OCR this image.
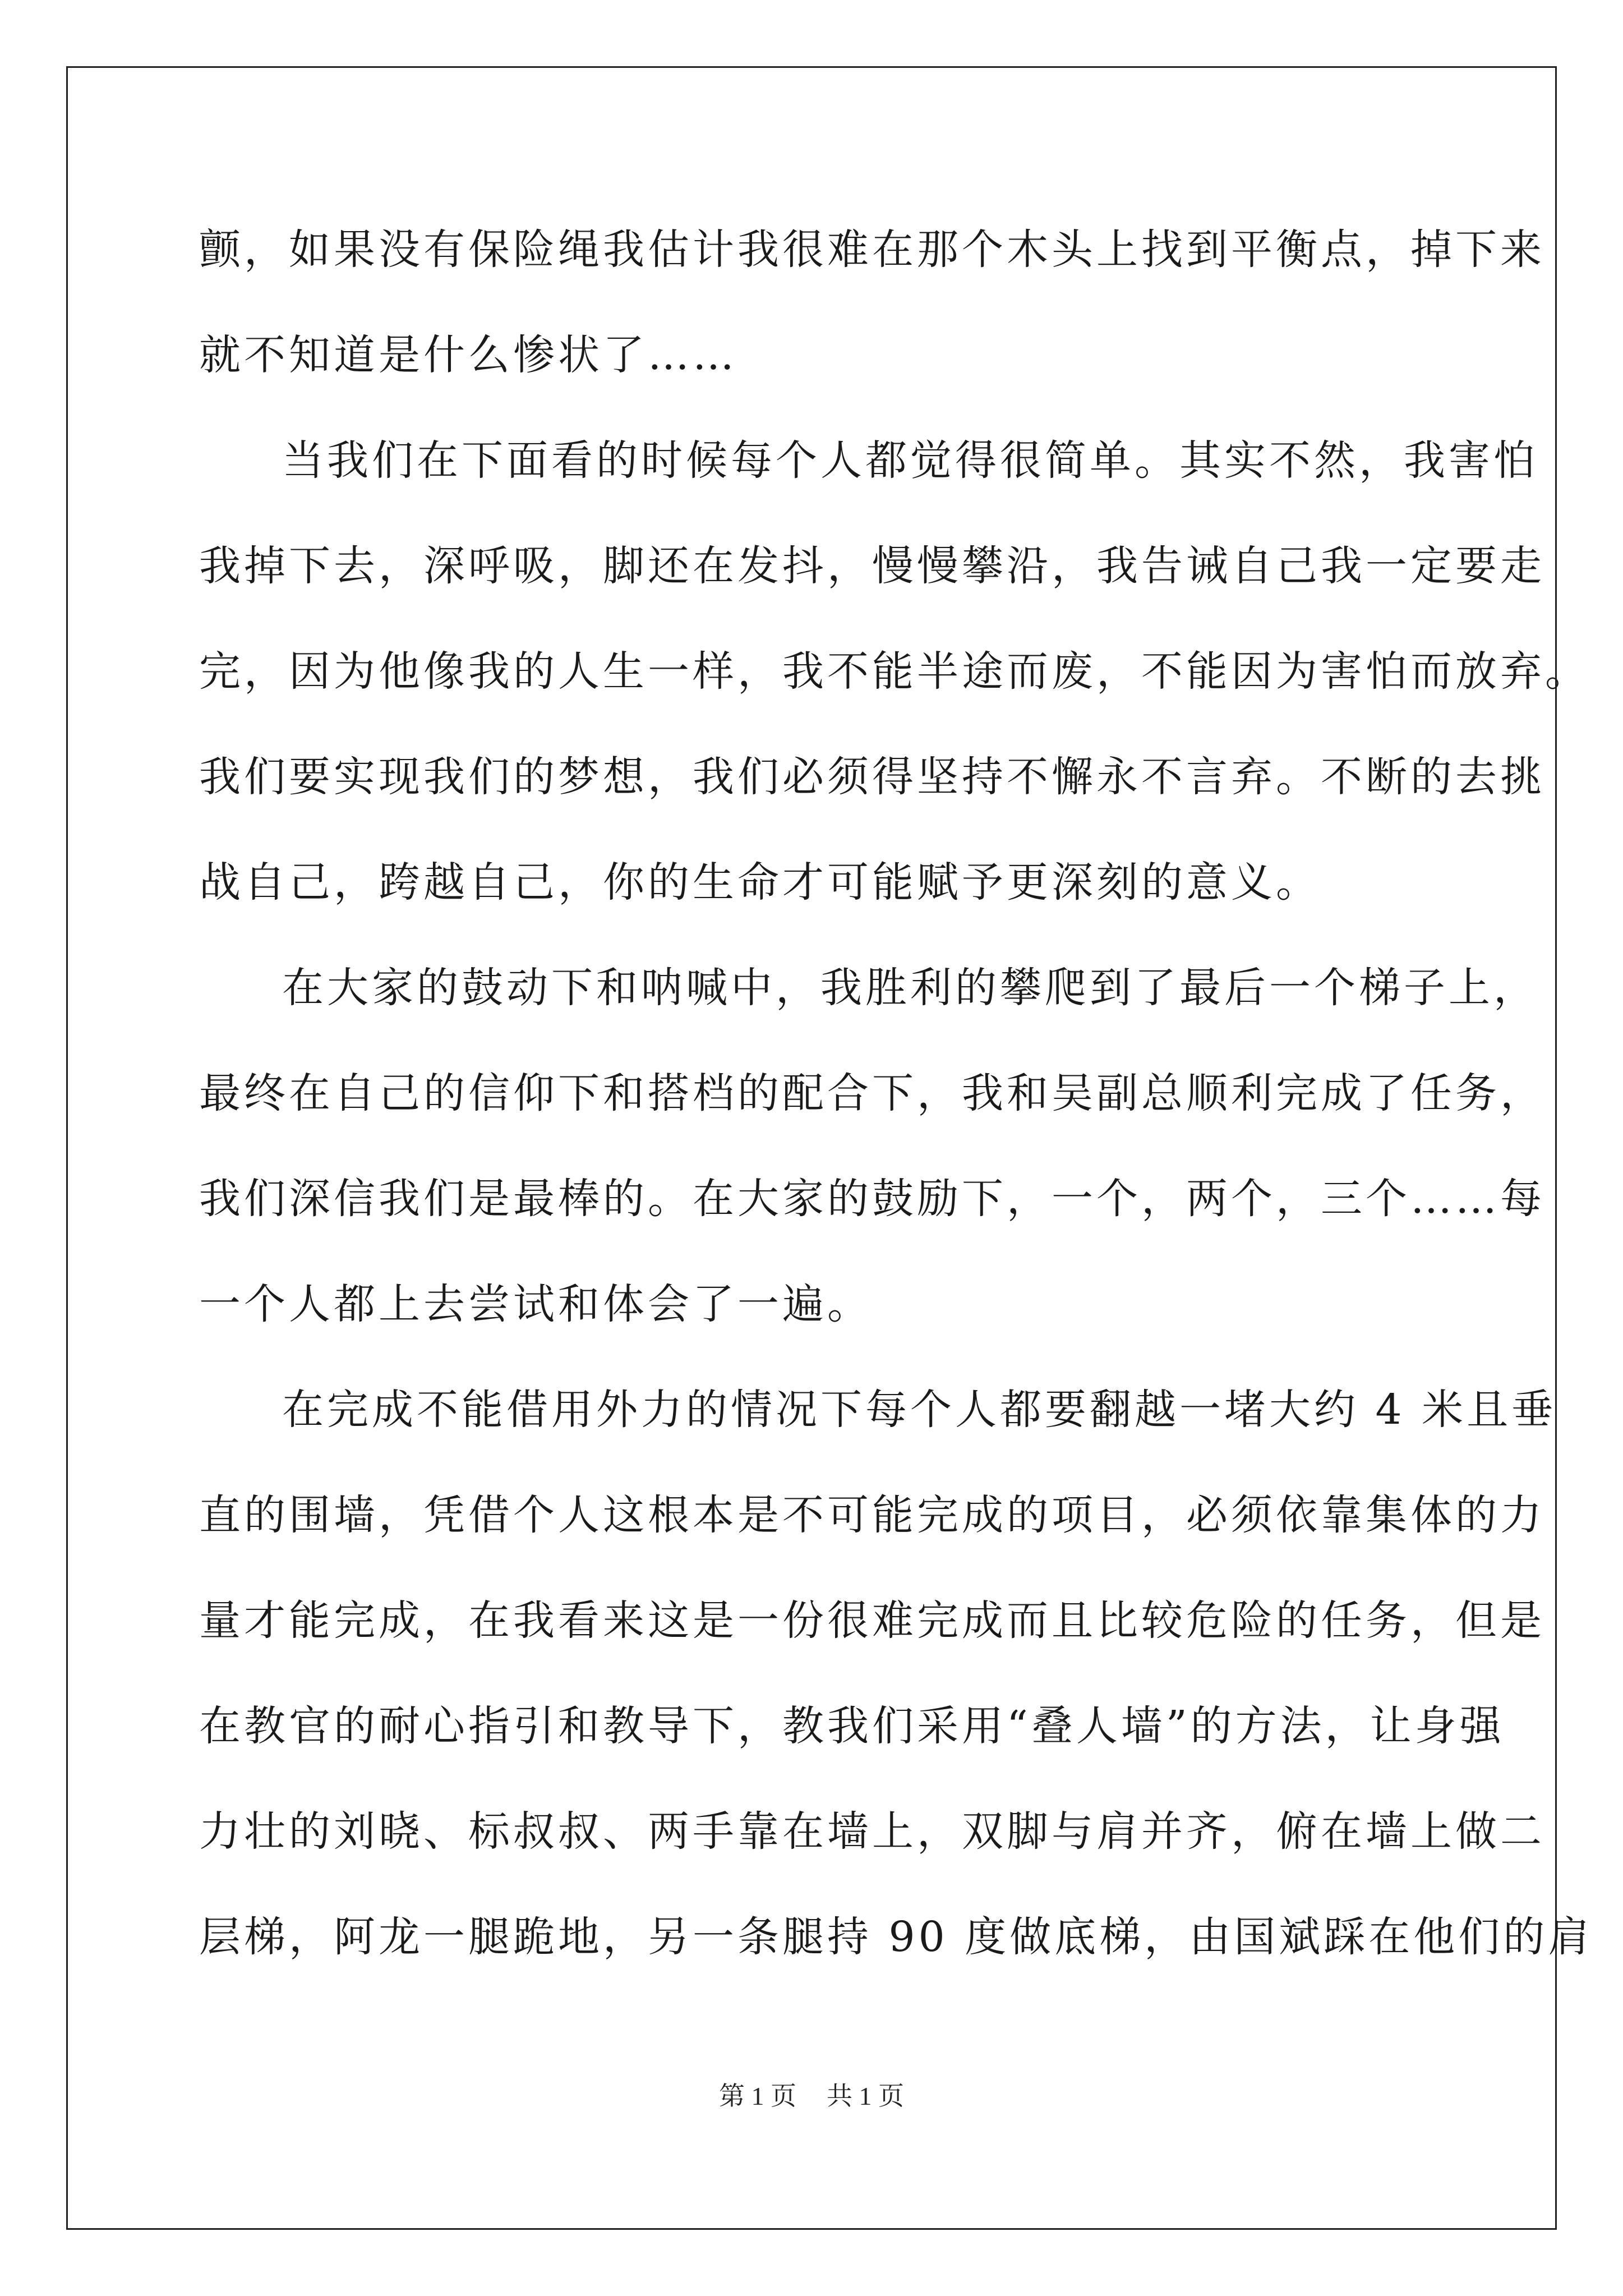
颤，如果没有保险绳我估计我很难在那个木头上找到平衡点，掉下来
就不知道是什么惨状了……
当我们在下面看的时候每个人都觉得很简单。其实不然，我害怕
我掉下去，深呼吸，脚还在发抖，慢慢攀沿，我告诫自己我一定要走
完，因为他像我的人生一样，我不能半途而废，不能因为害怕而放弃。
我们要实现我们的梦想，我们必须得坚持不懈永不言弃。不断的去挑
战自己，跨越自己，你的生命才可能赋予更深刻的意义。
在大家的鼓动下和呐喊中，我胜利的攀爬到了最后一个梯子上，
最终在自己的信仰下和搭档的配合下，我和吴副总顺利完成了任务，
我们深信我们是最棒的。在大家的鼓励下，一个，两个，三个……每
一个人都上去尝试和体会了一遍。
在完成不能借用外力的情况下每个人都要翻越一堵大约 4 米且垂
直的围墙，凭借个人这根本是不可能完成的项目，必须依靠集体的力
量才能完成，在我看来这是一份很难完成而且比较危险的任务，但是
在教官的耐心指引和教导下，教我们采用“叠人墙”的方法，让身强
力壮的刘晓、标叔叔、两手靠在墙上，双脚与肩并齐，俯在墙上做二
层梯，阿龙一腿跪地，另一条腿持 90 度做底梯，由国斌踩在他们的肩
第 1 页 共 1 页
